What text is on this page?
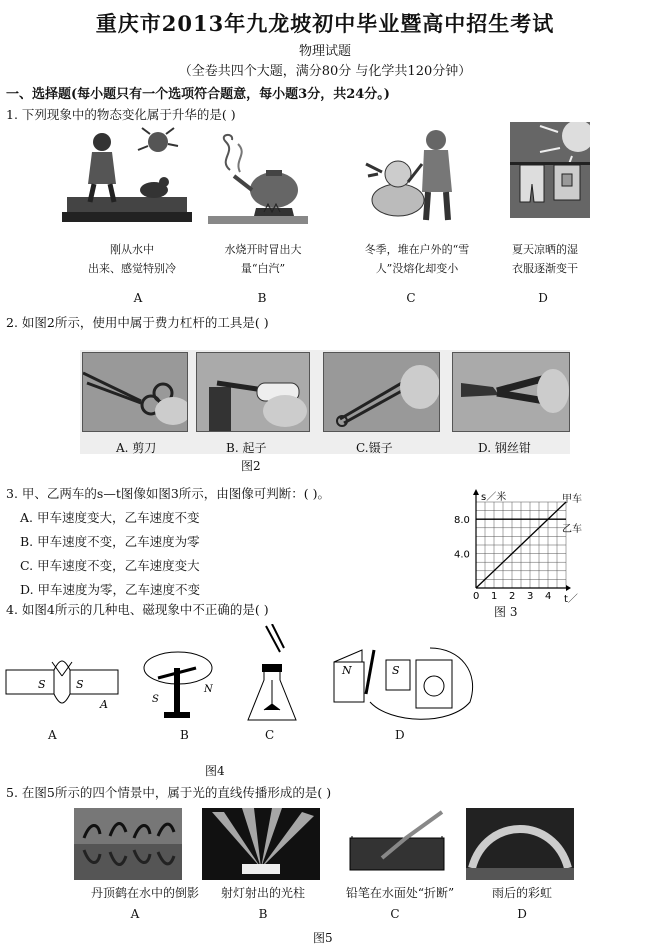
重庆市2013年九龙坡初中毕业暨高中招生考试
物理试题
（全卷共四个大题，满分80分 与化学共120分钟）
一、选择题(每小题只有一个选项符合题意，每小题3分，共24分。)
1. 下列现象中的物态变化属于升华的是( )
刚从水中
出来、感觉特别冷
水烧开时冒出大
量“白汽”
冬季，堆在户外的“雪
人”没熔化却变小
夏天凉晒的湿
衣服逐渐变干
A	B	C	D
2. 如图2所示，使用中属于费力杠杆的工具是( )
A. 剪刀	B. 起子	C.镊子	D. 钢丝钳
图2
3. 甲、乙两车的s—t图像如图3所示，由图像可判断：( )。
A. 甲车速度变大，乙车速度不变
B. 甲车速度不变，乙车速度为零
C. 甲车速度不变，乙车速度变大
D. 甲车速度为零，乙车速度不变	0 1 2 3 4
4.0
8.0
s／米
t／
甲车
乙车
图 3
4. 如图4所示的几种电、磁现象中不正确的是( )
S	S
A	S
N
N	S
A	B	C	D
图4
5. 在图5所示的四个情景中，属于光的直线传播形成的是( )
丹顶鹤在水中的倒影	射灯射出的光柱	铅笔在水面处“折断”	雨后的彩虹
A	B	C	D
图5
